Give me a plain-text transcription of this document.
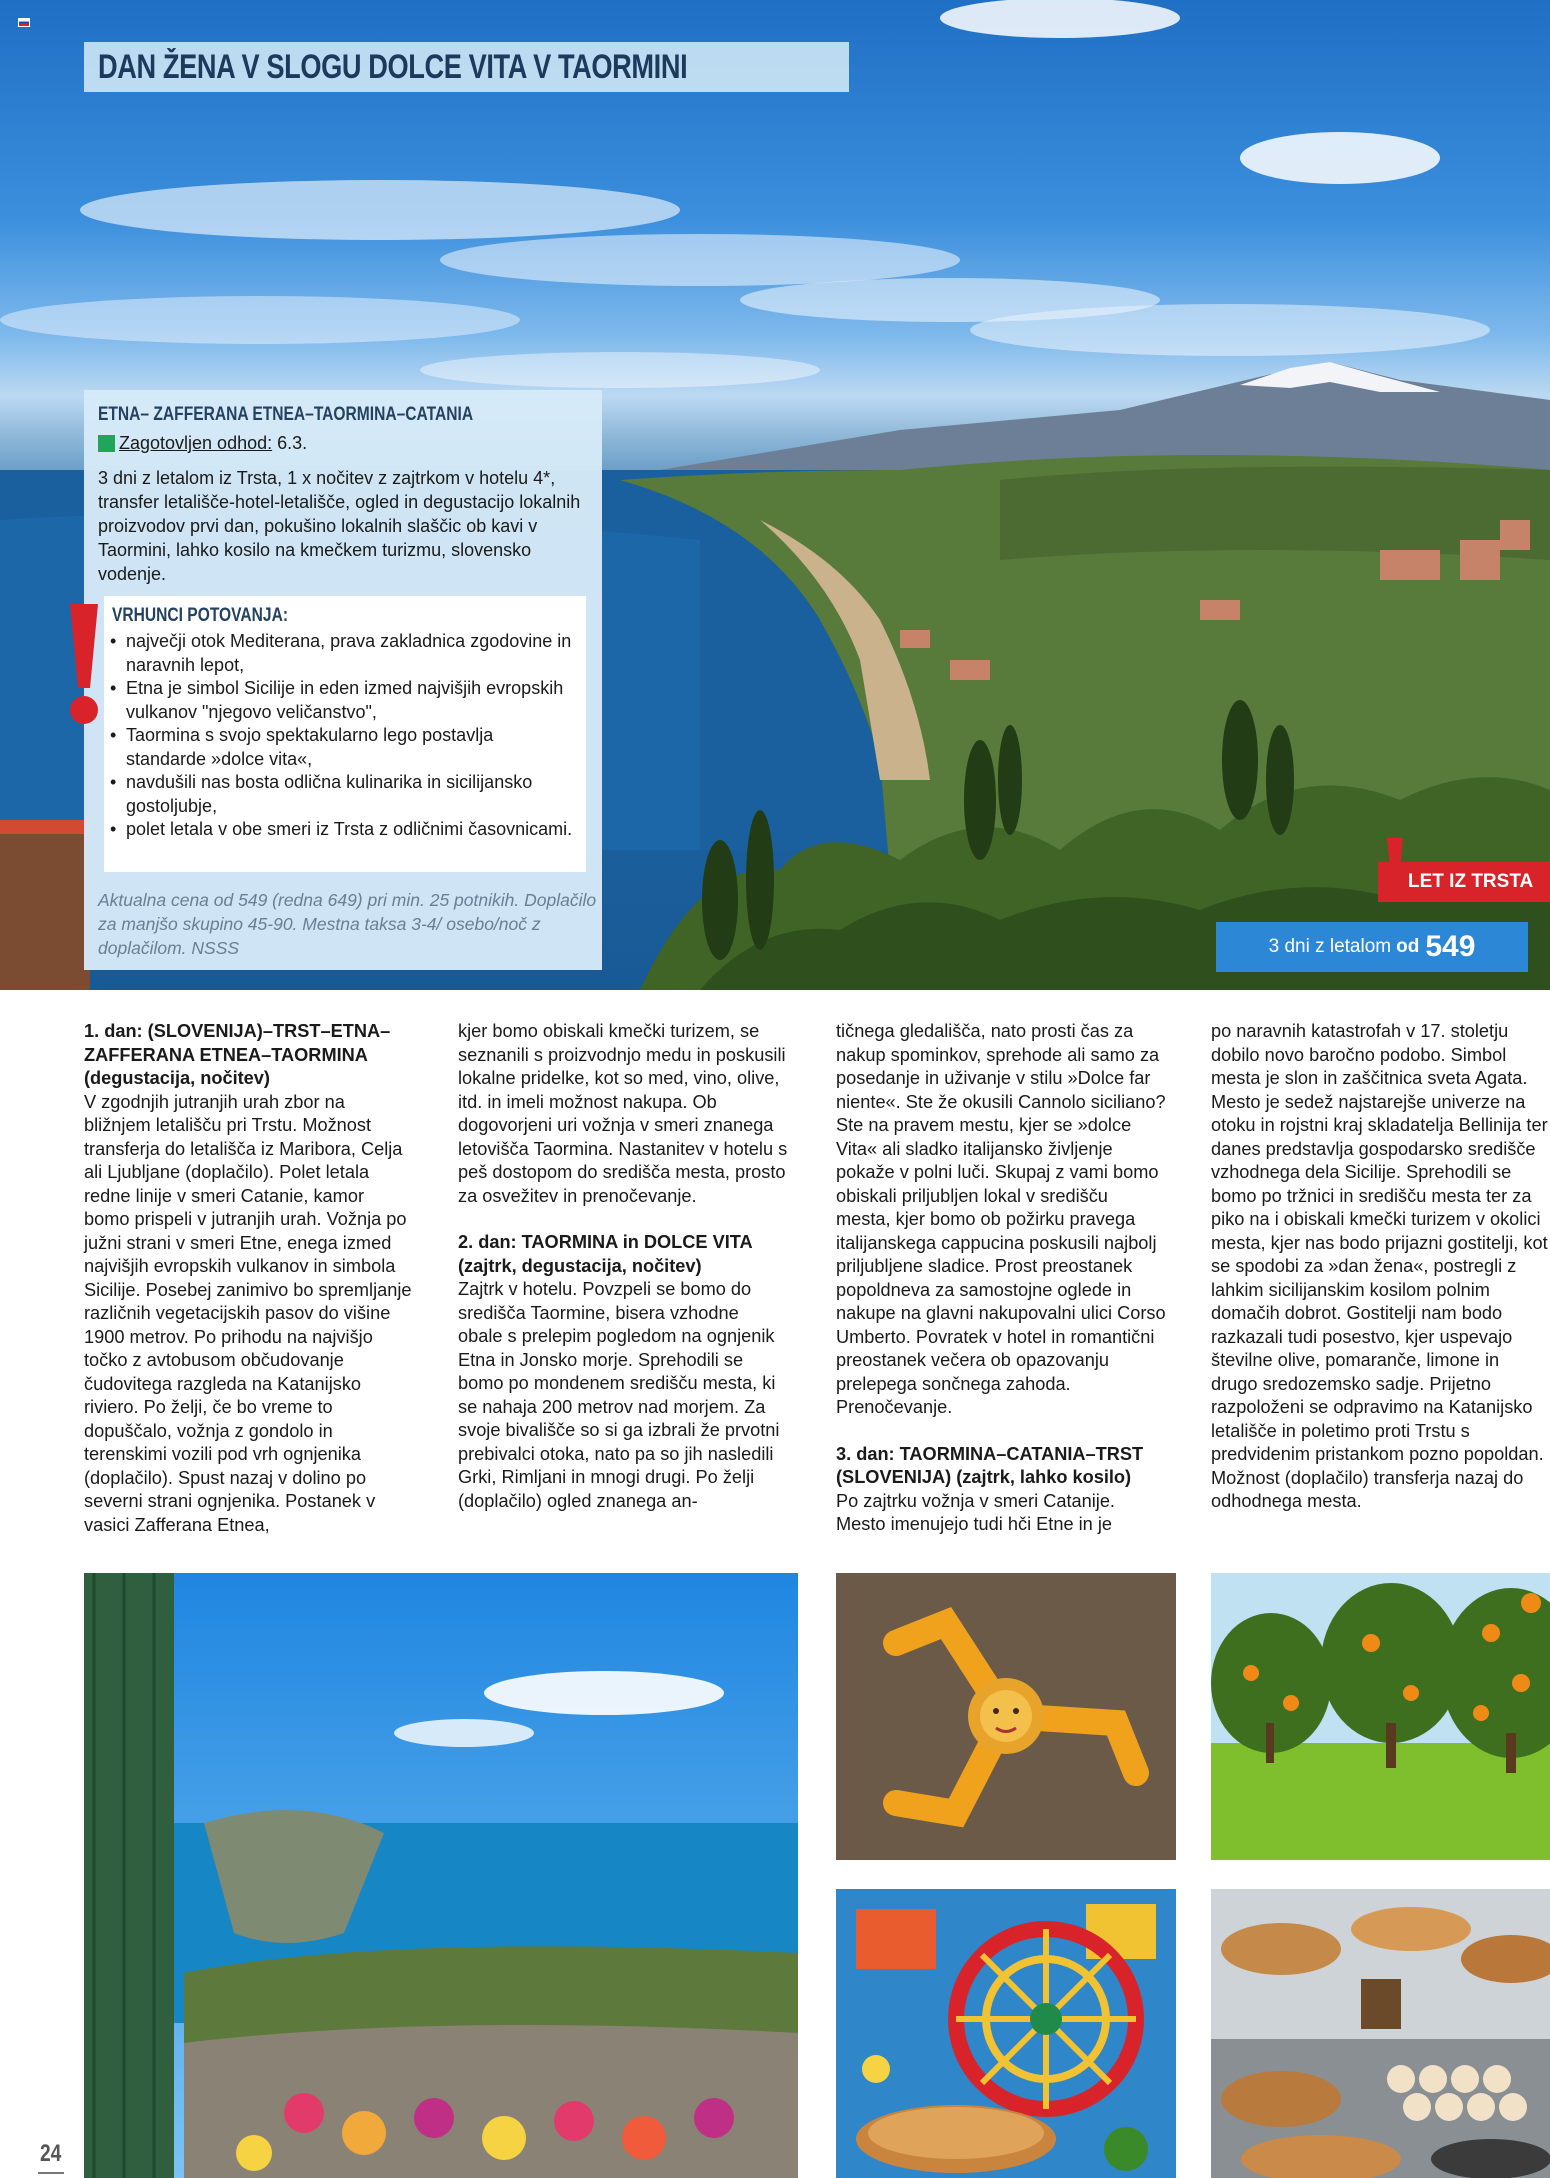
DAN ŽENA V SLOGU DOLCE VITA V TAORMINI
ETNA– ZAFFERANA ETNEA–TAORMINA–CATANIA
Zagotovljen odhod: 6.3.
3 dni z letalom iz Trsta, 1 x nočitev z zajtrkom v hotelu 4*, transfer letališče-hotel-letališče, ogled in degustacijo lokalnih proizvodov prvi dan, pokušino lokalnih slaščic ob kavi v Taormini, lahko kosilo na kmečkem turizmu, slovensko vodenje.
VRHUNCI POTOVANJA:
• največji otok Mediterana, prava zakladnica zgodovine in naravnih lepot,
• Etna je simbol Sicilije in eden izmed najvišjih evropskih vulkanov "njegovo veličanstvo",
• Taormina s svojo spektakularno lego postavlja standarde »dolce vita«,
• navdušili nas bosta odlična kulinarika in sicilijansko gostoljubje,
• polet letala v obe smeri iz Trsta z odličnimi časovnicami.
Aktualna cena od 549 (redna 649) pri min. 25 potnikih. Doplačilo za manjšo skupino 45-90. Mestna taksa 3-4/ osebo/noč z doplačilom. NSSS
LET IZ TRSTA
3 dni z letalom od 549

1. dan: (SLOVENIJA)–TRST–ETNA–ZAFFERANA ETNEA–TAORMINA (degustacija, nočitev)

V zgodnjih jutranjih urah zbor na bližnjem letališču pri Trstu. Možnost transferja do letališča iz Maribora, Celja ali Ljubljane (doplačilo). Polet letala redne linije v smeri Catanie, kamor bomo prispeli v jutranjih urah. Vožnja po južni strani v smeri Etne, enega izmed najvišjih evropskih vulkanov in simbola Sicilije. Posebej zanimivo bo spremljanje različnih vegetacijskih pasov do višine 1900 metrov. Po prihodu na najvišjo točko z avtobusom občudovanje čudovitega razgleda na Katanijsko riviero. Po želji, če bo vreme to dopuščalo, vožnja z gondolo in terenskimi vozili pod vrh ognjenika (doplačilo). Spust nazaj v dolino po severni strani ognjenika. Postanek v vasici Zafferana Etnea,

kjer bomo obiskali kmečki turizem, se seznanili s proizvodnjo medu in poskusili lokalne pridelke, kot so med, vino, olive, itd. in imeli možnost nakupa. Ob dogovorjeni uri vožnja v smeri znanega letovišča Taormina. Nastanitev v hotelu s peš dostopom do središča mesta, prosto za osvežitev in prenočevanje.

2. dan: TAORMINA in DOLCE VITA (zajtrk, degustacija, nočitev)

Zajtrk v hotelu. Povzpeli se bomo do središča Taormine, bisera vzhodne obale s prelepim pogledom na ognjenik Etna in Jonsko morje. Sprehodili se bomo po mondenem središču mesta, ki se nahaja 200 metrov nad morjem. Za svoje bivališče so si ga izbrali že prvotni prebivalci otoka, nato pa so jih nasledili Grki, Rimljani in mnogi drugi. Po želji (doplačilo) ogled znanega an-

tičnega gledališča, nato prosti čas za nakup spominkov, sprehode ali samo za posedanje in uživanje v stilu »Dolce far niente«. Ste že okusili Cannolo siciliano? Ste na pravem mestu, kjer se »dolce Vita« ali sladko italijansko življenje pokaže v polni luči. Skupaj z vami bomo obiskali priljubljen lokal v središču mesta, kjer bomo ob požirku pravega italijanskega cappucina poskusili najbolj priljubljene sladice. Prost preostanek popoldneva za samostojne oglede in nakupe na glavni nakupovalni ulici Corso Umberto. Povratek v hotel in romantični preostanek večera ob opazovanju prelepega sončnega zahoda. Prenočevanje.

3. dan: TAORMINA–CATANIA–TRST (SLOVENIJA) (zajtrk, lahko kosilo)

Po zajtrku vožnja v smeri Catanije. Mesto imenujejo tudi hči Etne in je

po naravnih katastrofah v 17. stoletju dobilo novo baročno podobo. Simbol mesta je slon in zaščitnica sveta Agata. Mesto je sedež najstarejše univerze na otoku in rojstni kraj skladatelja Bellinija ter danes predstavlja gospodarsko središče vzhodnega dela Sicilije. Sprehodili se bomo po tržnici in središču mesta ter za piko na i obiskali kmečki turizem v okolici mesta, kjer nas bodo prijazni gostitelji, kot se spodobi za »dan žena«, postregli z lahkim sicilijanskim kosilom polnim domačih dobrot. Gostitelji nam bodo razkazali tudi posestvo, kjer uspevajo številne olive, pomaranče, limone in drugo sredozemsko sadje. Prijetno razpoloženi se odpravimo na Katanijsko letališče in poletimo proti Trstu s predvidenim pristankom pozno popoldan. Možnost (doplačilo) transferja nazaj do odhodnega mesta.

24
